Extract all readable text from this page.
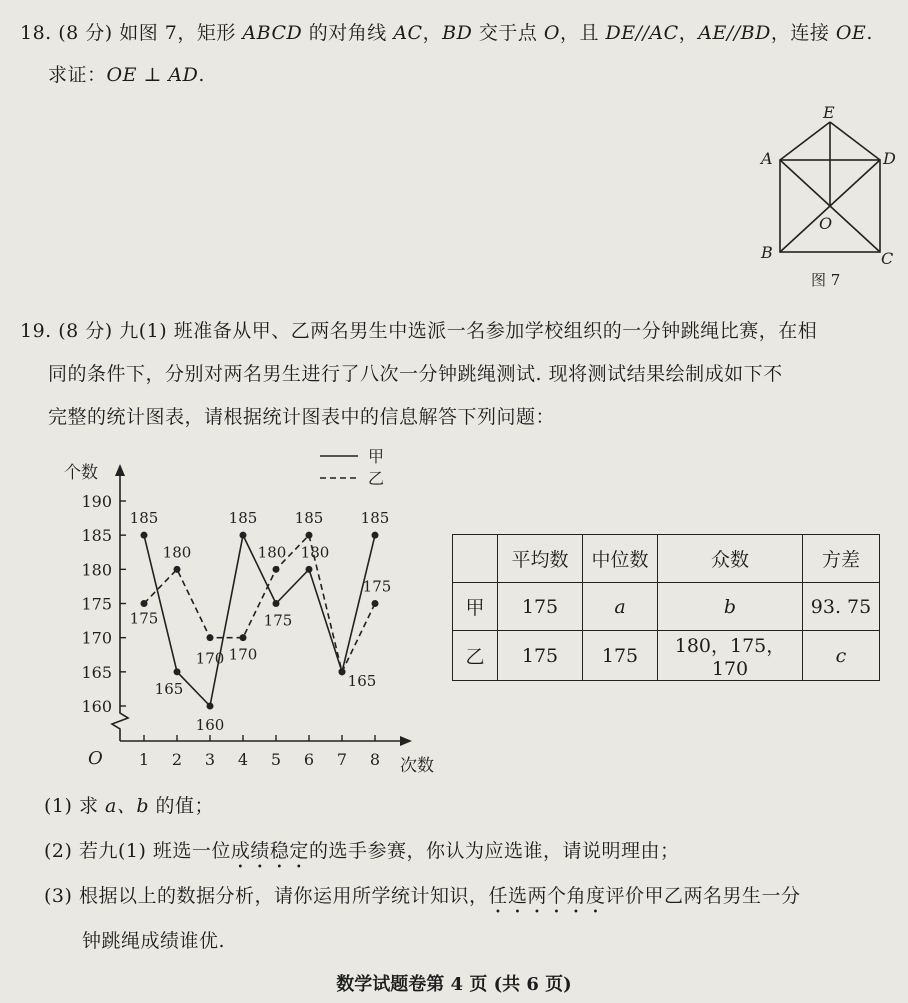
18. (8 分) 如图 7，矩形 ABCD 的对角线 AC，BD 交于点 O，且 DE//AC，AE//BD，连接 OE.
求证：OE ⊥ AD.
E
A	D
O
B	C
图 7
19. (8 分) 九(1) 班准备从甲、乙两名男生中选派一名参加学校组织的一分钟跳绳比赛，在相
同的条件下，分别对两名男生进行了八次一分钟跳绳测试. 现将测试结果绘制成如下不
完整的统计图表，请根据统计图表中的信息解答下列问题：
个数
次数
O
160
165
170
175
180
185
190
1 2 3 4 5 6 7 8
甲
乙
185
165
160
185
175
180
165
185
175
180
170 170
180
185
175
	平均数	中位数	众数	方差
甲	175	a	b	93. 75
乙	175	175	180，175，170	c
(1) 求 a、b 的值；
(2) 若九(1) 班选一位成绩稳定的选手参赛，你认为应选谁，请说明理由；
(3) 根据以上的数据分析，请你运用所学统计知识，任选两个角度评价甲乙两名男生一分
钟跳绳成绩谁优.
数学试题卷第 4 页 (共 6 页)
